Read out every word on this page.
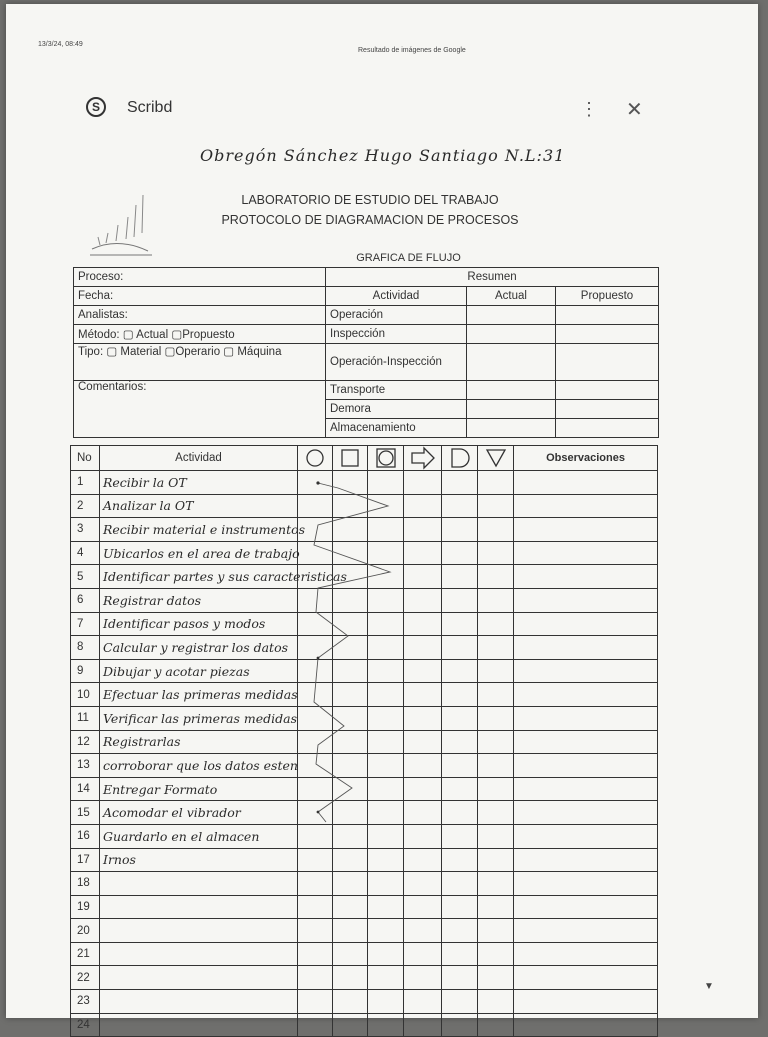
13/3/24, 08:49
Resultado de imágenes de Google
S	Scribd	⋮ ✕
Obregón Sánchez Hugo Santiago N.L:31
LABORATORIO DE ESTUDIO DEL TRABAJO
PROTOCOLO DE DIAGRAMACION DE PROCESOS
GRAFICA DE FLUJO
Proceso:	Resumen		
Fecha:	Actividad	Actual	Propuesto
Analistas:	Operación		
Método: ▢ Actual ▢Propuesto	Inspección		
Tipo: ▢ Material ▢Operario ▢ Máquina	Operación-Inspección		
Comentarios:	Transporte		
	Demora		
	Almacenamiento		
No	Actividad							Observaciones
1	Recibir la OT							
2	Analizar la OT							
3	Recibir material e instrumentos							
4	Ubicarlos en el area de trabajo							
5	Identificar partes y sus caracteristicas							
6	Registrar datos							
7	Identificar pasos y modos							
8	Calcular y registrar los datos							
9	Dibujar y acotar piezas							
10	Efectuar las primeras medidas							
11	Verificar las primeras medidas							
12	Registrarlas							
13	corroborar que los datos esten							
14	Entregar Formato							
15	Acomodar el vibrador							
16	Guardarlo en el almacen							
17	Irnos							
18								
19								
20								
21								
22								
23								
24								
▼
